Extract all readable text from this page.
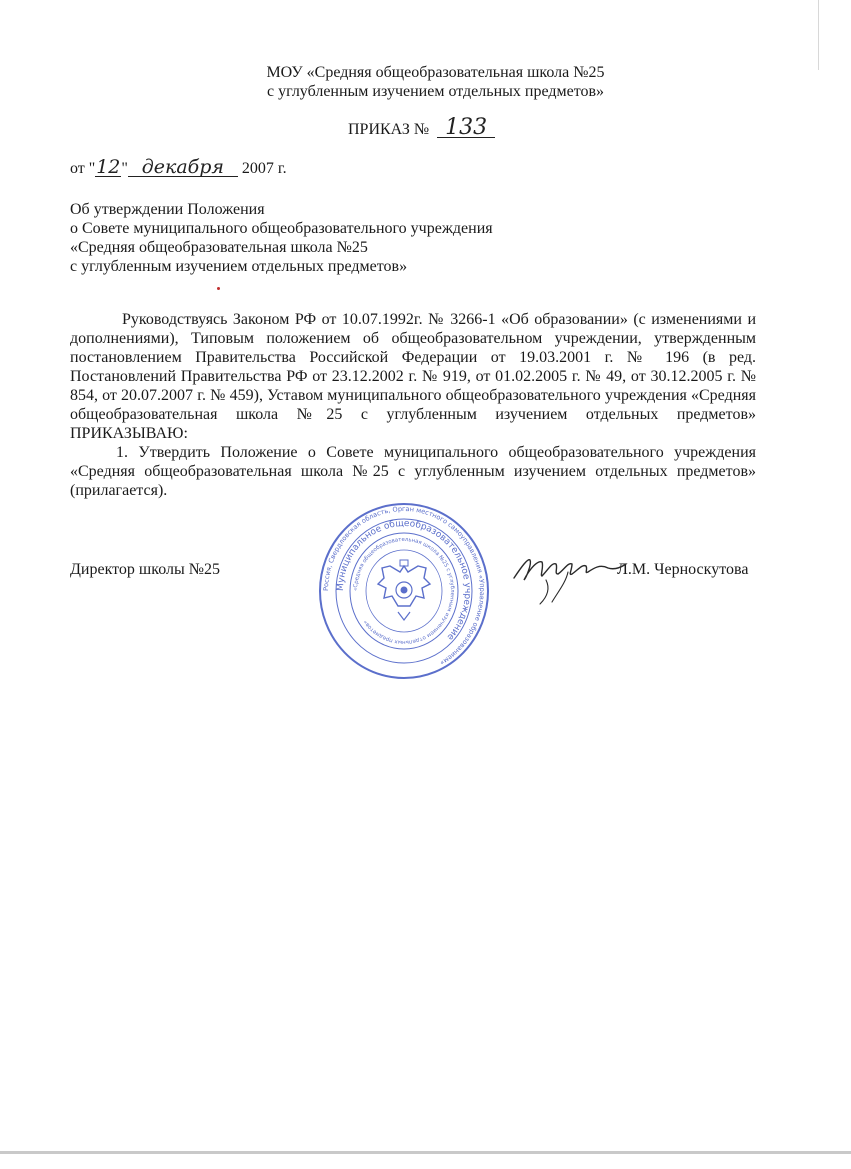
МОУ «Средняя общеобразовательная школа №25
с углубленным изучением отдельных предметов»
ПРИКАЗ № 133
от "12" декабря 2007 г.
Об утверждении Положения
о Совете муниципального общеобразовательного учреждения
«Средняя общеобразовательная школа №25
с углубленным изучением отдельных предметов»

Руководствуясь Законом РФ от 10.07.1992г. № 3266-1 «Об образовании» (с изменениями и дополнениями), Типовым положением об общеобразовательном учреждении, утвержденным постановлением Правительства Российской Федерации от 19.03.2001 г. № 196 (в ред. Постановлений Правительства РФ от 23.12.2002 г. № 919, от 01.02.2005 г. № 49, от 30.12.2005 г. № 854, от 20.07.2007 г. № 459), Уставом муниципального общеобразовательного учреждения «Средняя общеобразовательная школа №25 с углубленным изучением отдельных предметов»

ПРИКАЗЫВАЮ:

1. Утвердить Положение о Совете муниципального общеобразовательного учреждения «Средняя общеобразовательная школа №25 с углубленным изучением отдельных предметов» (прилагается).

Директор школы №25	Л.М. Черноскутова
Россия, Свердловская область, Орган местного самоуправления «Управление образованием»
Муниципальное общеобразовательное учреждение
«Средняя общеобразовательная школа №25 с углубленным изучением отдельных предметов»
